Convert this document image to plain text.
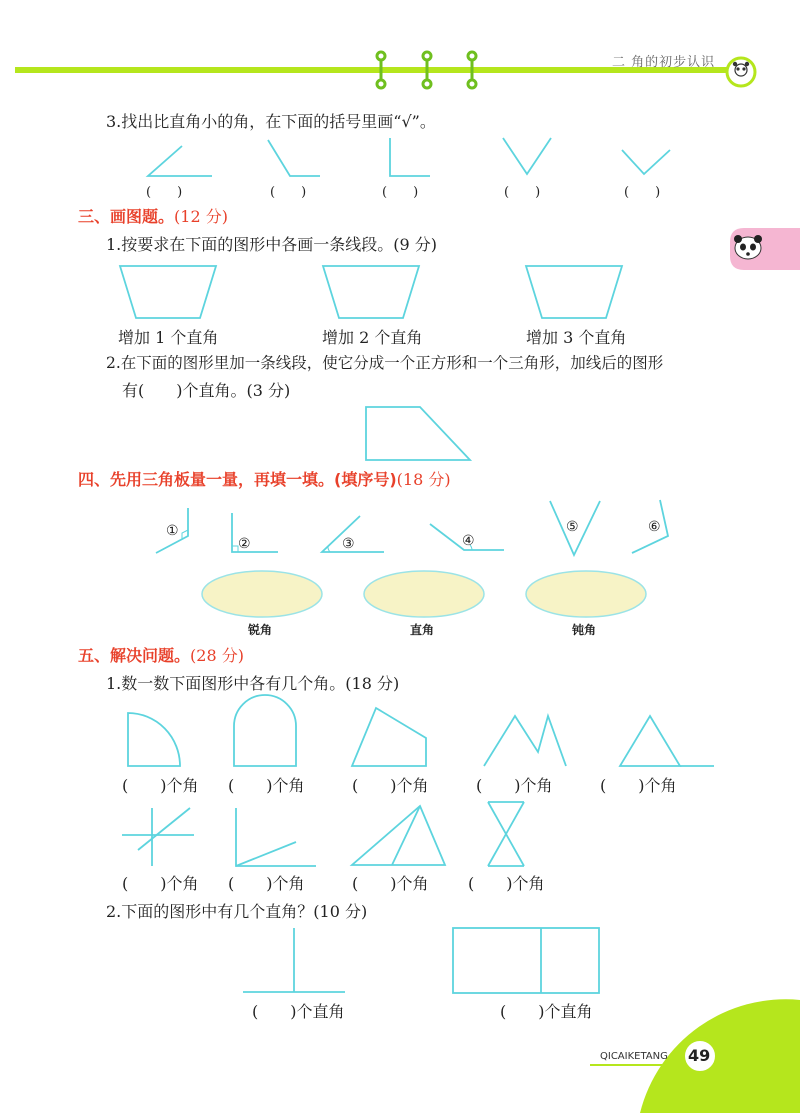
二 角的初步认识
3.找出比直角小的角，在下面的括号里画“√”。
(　　)	(　　)	(　　)	(　　)	(　　)
三、画图题。(12 分)
1.按要求在下面的图形中各画一条线段。(9 分)
增加 1 个直角	增加 2 个直角	增加 3 个直角
2.在下面的图形里加一条线段，使它分成一个正方形和一个三角形，加线后的图形
有(　　)个直角。(3 分)
四、先用三角板量一量，再填一填。(填序号)(18 分)
①
②	③	④
⑤	⑥
锐角	直角	钝角
五、解决问题。(28 分)
1.数一数下面图形中各有几个角。(18 分)
(　　)个角 (　　)个角	(　　)个角	(　　)个角	(　　)个角
(　　)个角 (　　)个角	(　　)个角 (　　)个角
2.下面的图形中有几个直角？(10 分)
(　　)个直角	(　　)个直角
QICAIKETANG 49
